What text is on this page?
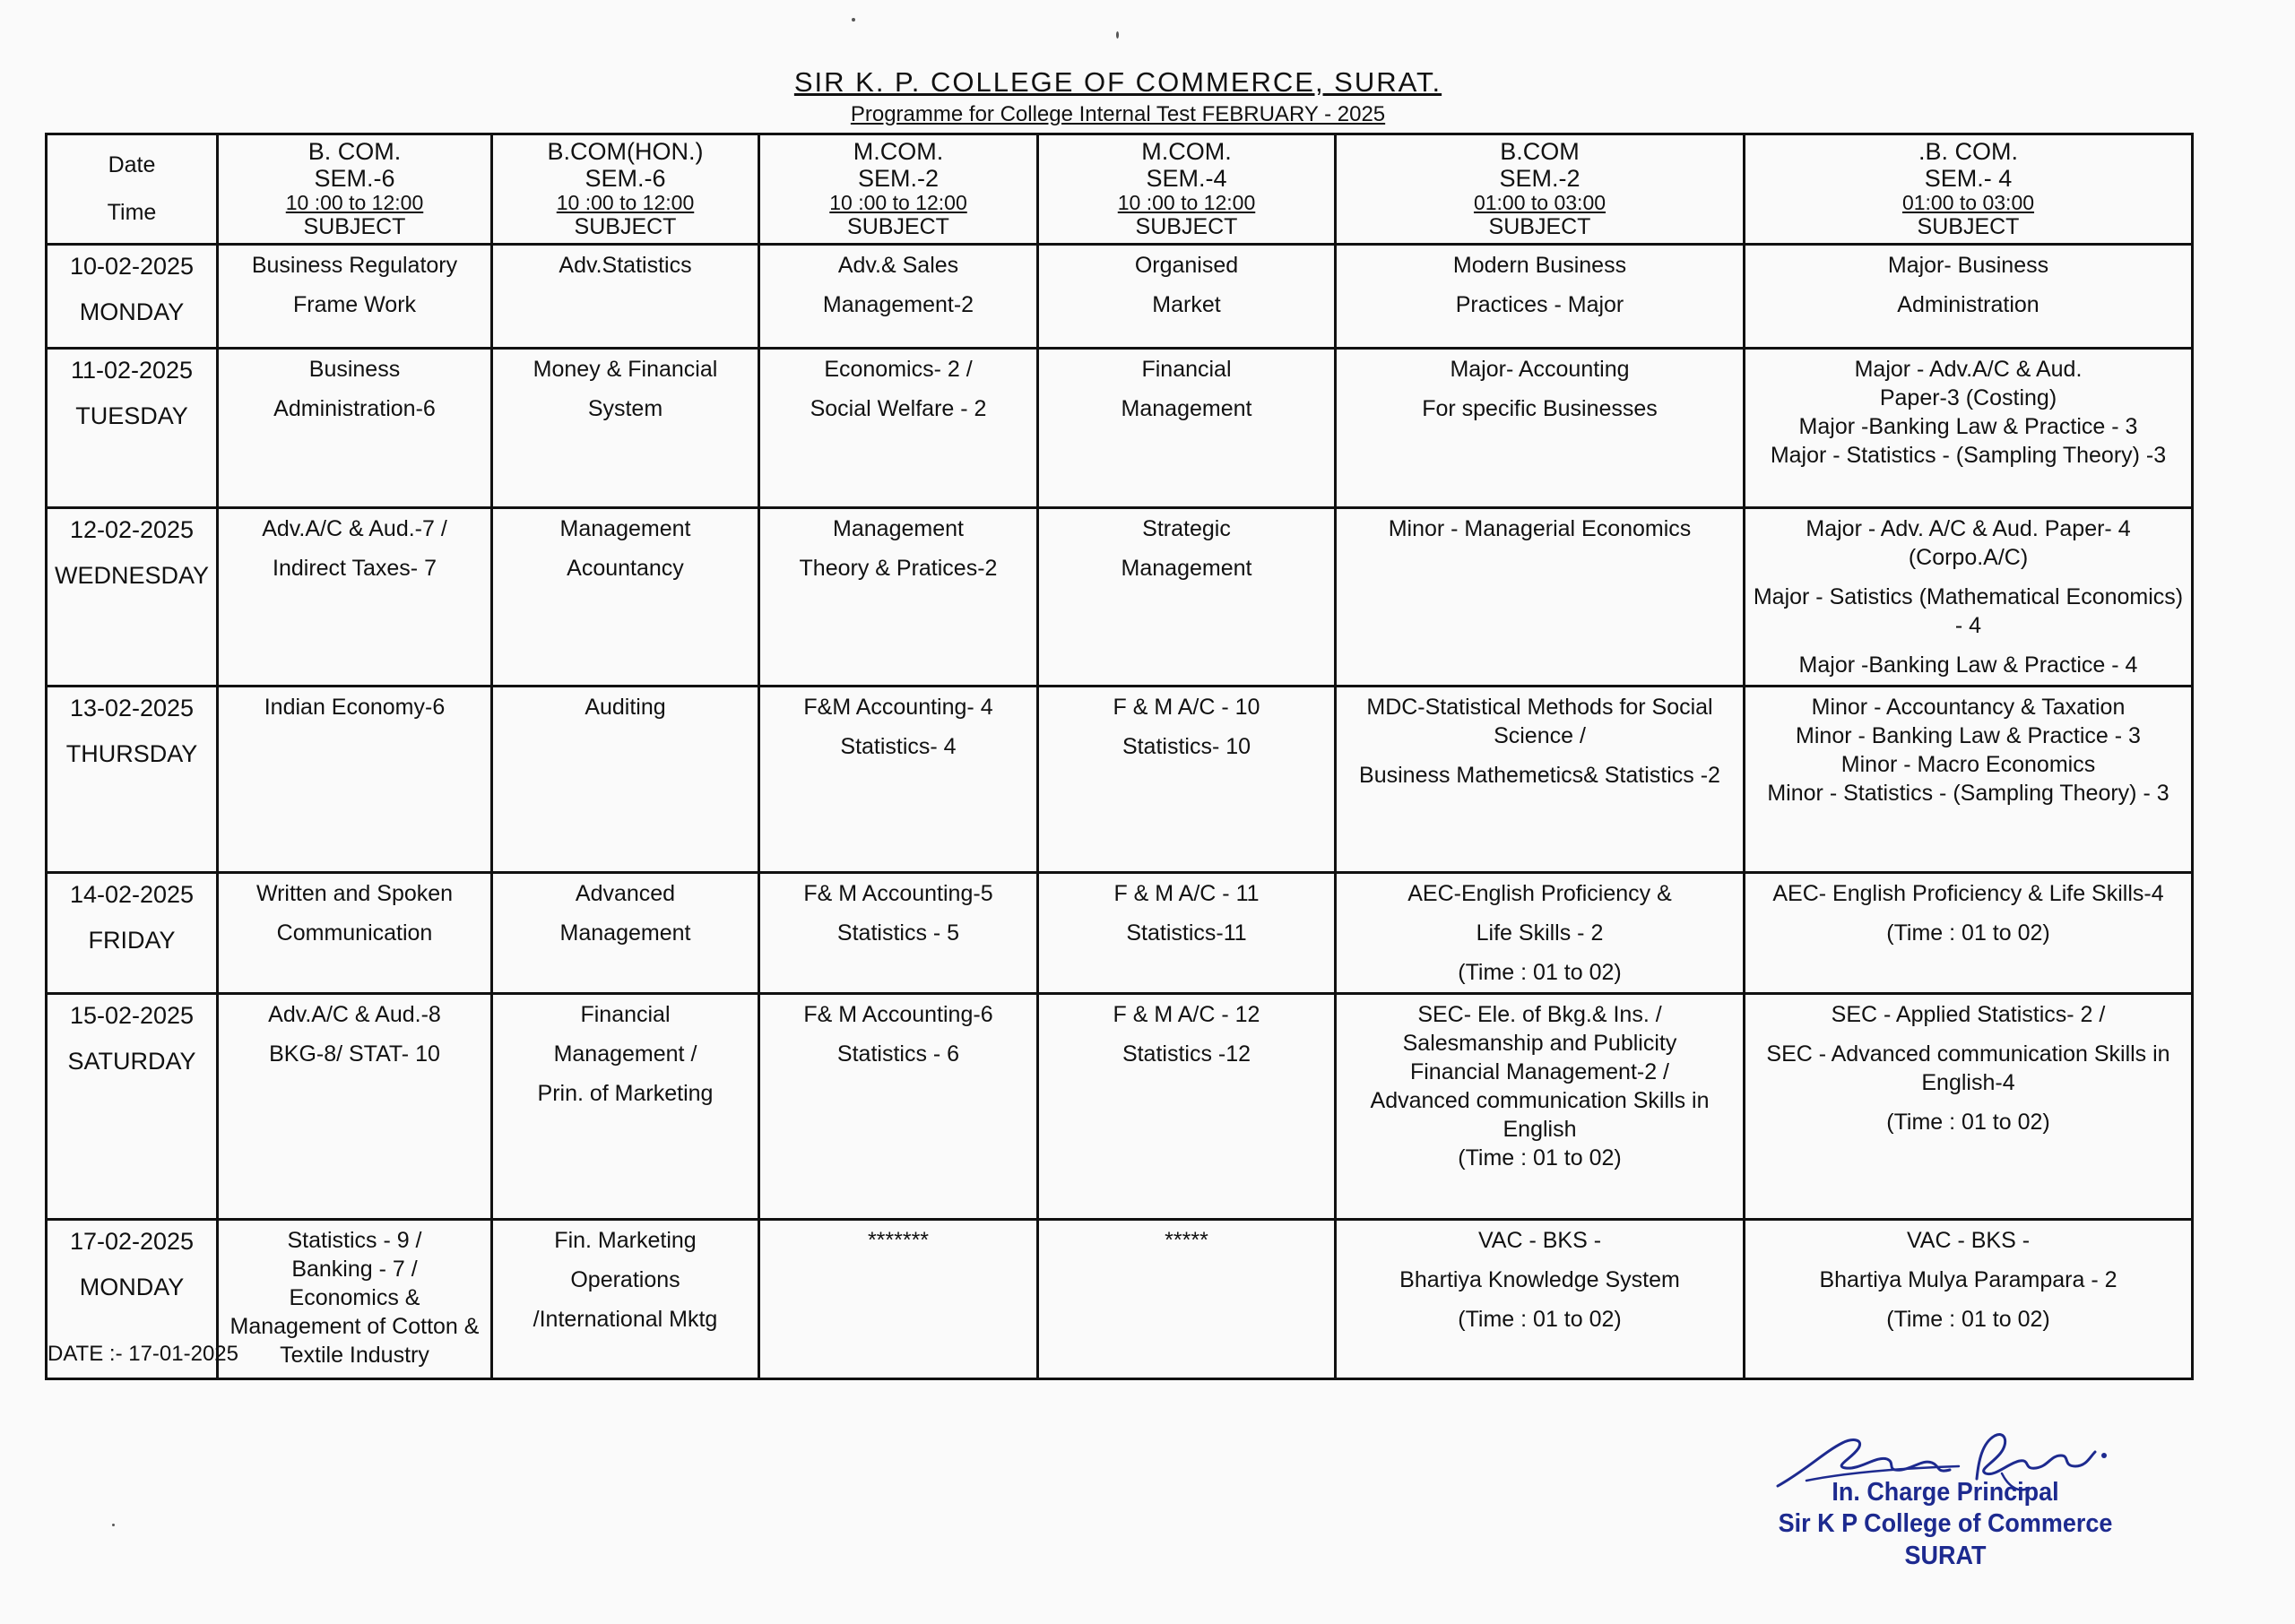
SIR K. P. COLLEGE OF COMMERCE, SURAT.
Programme for College Internal Test FEBRUARY - 2025
Date
Time	B. COM.
SEM.-6
10 :00 to 12:00
SUBJECT	B.COM(HON.)
SEM.-6
10 :00 to 12:00
SUBJECT	M.COM.
SEM.-2
10 :00 to 12:00
SUBJECT	M.COM.
SEM.-4
10 :00 to 12:00
SUBJECT	B.COM
SEM.-2
01:00 to 03:00
SUBJECT	.B. COM.
SEM.- 4
01:00 to 03:00
SUBJECT

10-02-2025
MONDAY	Business Regulatory
Frame Work	Adv.Statistics	Adv.& Sales
Management-2	Organised
Market	Modern Business
Practices - Major	Major- Business
Administration

11-02-2025
TUESDAY	Business
Administration-6	Money & Financial
System	Economics- 2 /
Social Welfare - 2	Financial
Management	Major- Accounting
For specific Businesses	Major - Adv.A/C & Aud.
Paper-3 (Costing)
Major -Banking Law & Practice - 3
Major - Statistics - (Sampling Theory) -3

12-02-2025
WEDNESDAY	Adv.A/C & Aud.-7 /
Indirect Taxes- 7	Management
Acountancy	Management
Theory & Pratices-2	Strategic
Management	Minor - Managerial Economics	Major - Adv. A/C & Aud. Paper- 4 (Corpo.A/C)
Major - Satistics (Mathematical Economics) - 4
Major -Banking Law & Practice - 4

13-02-2025
THURSDAY	Indian Economy-6	Auditing	F&M Accounting- 4
Statistics- 4	F & M A/C - 10
Statistics- 10	MDC-Statistical Methods for Social Science /
Business Mathemetics& Statistics -2	Minor - Accountancy & Taxation
Minor - Banking Law & Practice - 3
Minor - Macro Economics
Minor - Statistics - (Sampling Theory) - 3

14-02-2025
FRIDAY	Written and Spoken
Communication	Advanced
Management	F& M Accounting-5
Statistics - 5	F & M A/C - 11
Statistics-11	AEC-English Proficiency &
Life Skills - 2
(Time : 01 to 02)	AEC- English Proficiency & Life Skills-4
(Time : 01 to 02)

15-02-2025
SATURDAY	Adv.A/C & Aud.-8
BKG-8/ STAT- 10	Financial
Management /
Prin. of Marketing	F& M Accounting-6
Statistics - 6	F & M A/C - 12
Statistics -12	SEC- Ele. of Bkg.& Ins. /
Salesmanship and Publicity
Financial Management-2 /
Advanced communication Skills in English
(Time : 01 to 02)	SEC - Applied Statistics- 2 /
SEC - Advanced communication Skills in English-4
(Time : 01 to 02)

17-02-2025
MONDAY	Statistics - 9 /
Banking - 7 /
Economics &
Management of Cotton & Textile Industry	Fin. Marketing
Operations
/International Mktg	*******	*****	VAC - BKS -
Bhartiya Knowledge System
(Time : 01 to 02)	VAC - BKS -
Bhartiya Mulya Parampara - 2
(Time : 01 to 02)
DATE :- 17-01-2025
In. Charge Principal
Sir K P College of Commerce
SURAT
